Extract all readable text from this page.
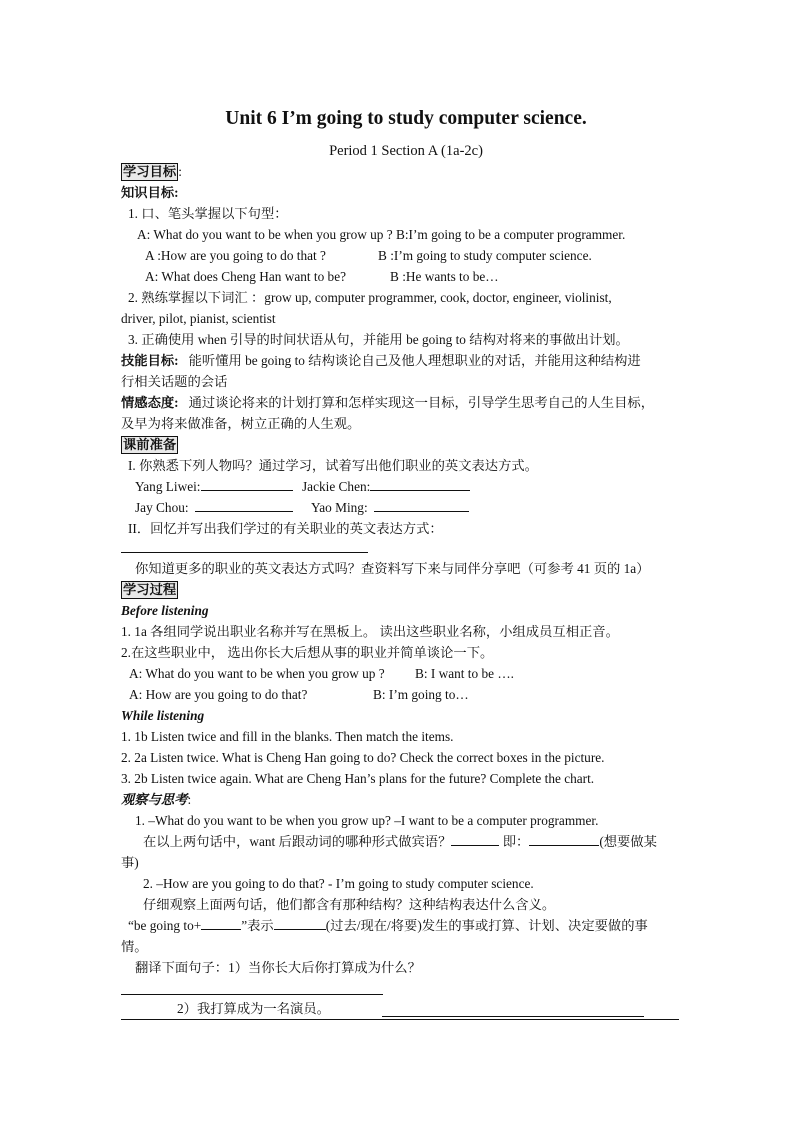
Unit 6 I’m going to study computer science.
Period 1 Section A (1a-2c)
学习目标 :
知识目标:
1. 口、笔头掌握以下句型：
A: What do you want to be when you grow up ? B:I’m going to be a computer programmer.
A :How are you going to do that ?	B :I’m going to study computer science.
A: What does Cheng Han want to be?	B :He wants to be…
2. 熟练掌握以下词汇 ：grow up, computer programmer, cook, doctor, engineer, violinist,
driver, pilot, pianist, scientist
3. 正确使用 when 引导的时间状语从句，并能用 be going to 结构对将来的事做出计划。
技能目标: 能听懂用 be going to 结构谈论自己及他人理想职业的对话，并能用这种结构进
行相关话题的会话
情感态度: 通过谈论将来的计划打算和怎样实现这一目标，引导学生思考自己的人生目标，
及早为将来做准备，树立正确的人生观。
课前准备
I. 你熟悉下列人物吗？通过学习，试着写出他们职业的英文表达方式。
Yang Liwei:	Jackie Chen:
Jay Chou:	Yao Ming:
II．回忆并写出我们学过的有关职业的英文表达方式：
你知道更多的职业的英文表达方式吗？查资料写下来与同伴分享吧（可参考 41 页的 1a）
学习过程
Before listening
1. 1a 各组同学说出职业名称并写在黑板上。 读出这些职业名称，小组成员互相正音。
2.在这些职业中， 选出你长大后想从事的职业并简单谈论一下。
A: What do you want to be when you grow up ? B: I want to be ….
A: How are you going to do that?	B: I’m going to…
While listening
1. 1b Listen twice and fill in the blanks. Then match the items.
2. 2a Listen twice. What is Cheng Han going to do? Check the correct boxes in the picture.
3. 2b Listen twice again. What are Cheng Han’s plans for the future? Complete the chart.
观察与思考:
1. –What do you want to be when you grow up? –I want to be a computer programmer.
在以上两句话中，want 后跟动词的哪种形式做宾语？	即：	(想要做某
事)
2. –How are you going to do that? - I’m going to study computer science.
仔细观察上面两句话，他们都含有那种结构？这种结构表达什么含义。
“be going to+	”表示	(过去/现在/将要)发生的事或打算、计划、决定要做的事
情。
翻译下面句子：1）当你长大后你打算成为什么？
2）我打算成为一名演员。
